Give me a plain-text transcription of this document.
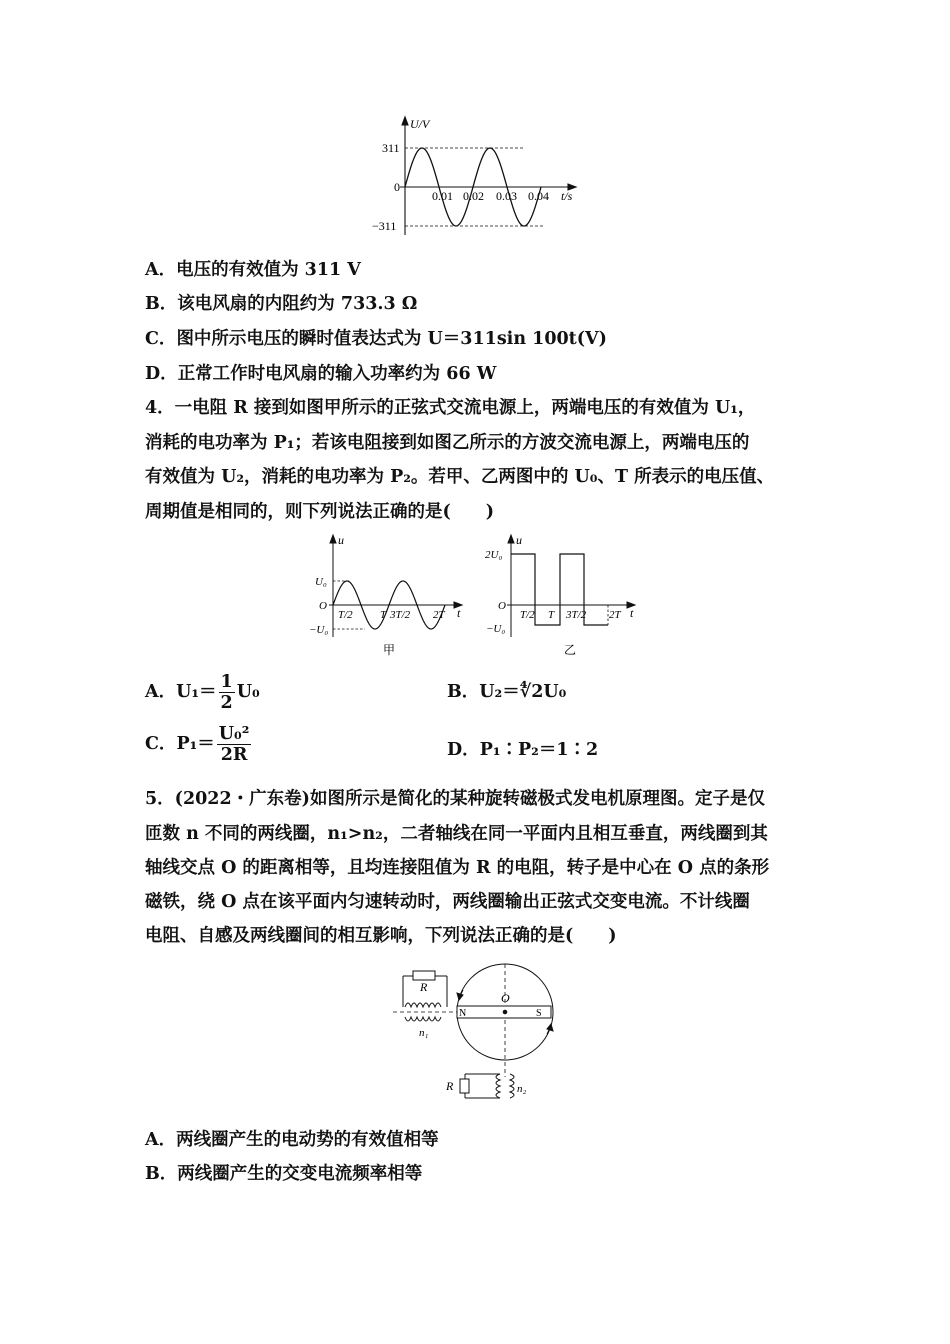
U/V
t/s
311
0
−311
0.01 0.02 0.03 0.04
A．电压的有效值为 311 V
B．该电风扇的内阻约为 733.3 Ω
C．图中所示电压的瞬时值表达式为 U＝311sin 100t(V)
D．正常工作时电风扇的输入功率约为 66 W
4．一电阻 R 接到如图甲所示的正弦式交流电源上，两端电压的有效值为 U₁，
消耗的电功率为 P₁；若该电阻接到如图乙所示的方波交流电源上，两端电压的
有效值为 U₂，消耗的电功率为 P₂。若甲、乙两图中的 U₀、T 所表示的电压值、
周期值是相同的，则下列说法正确的是(　　)
u
t
U₀
O
−U₀
T/2 T 3T/2 2T
甲
u
t
2U₀
O
−U₀
T/2 T 3T/2 2T
乙
A．$U_1= \frac{1}{2} U_0$	B．U₂＝∜2U₀
C．$P_1= \frac{\text{U₀²}}{2R}$	D．P₁∶P₂＝1∶2
5．(2022・广东卷)如图所示是简化的某种旋转磁极式发电机原理图。定子是仅
匝数 n 不同的两线圈，n₁>n₂，二者轴线在同一平面内且相互垂直，两线圈到其
轴线交点 O 的距离相等，且均连接阻值为 R 的电阻，转子是中心在 O 点的条形
磁铁，绕 O 点在该平面内匀速转动时，两线圈输出正弦式交变电流。不计线圈
电阻、自感及两线圈间的相互影响，下列说法正确的是(　　)
R
n₁
O
N	S
R	n₂
A．两线圈产生的电动势的有效值相等
B．两线圈产生的交变电流频率相等
